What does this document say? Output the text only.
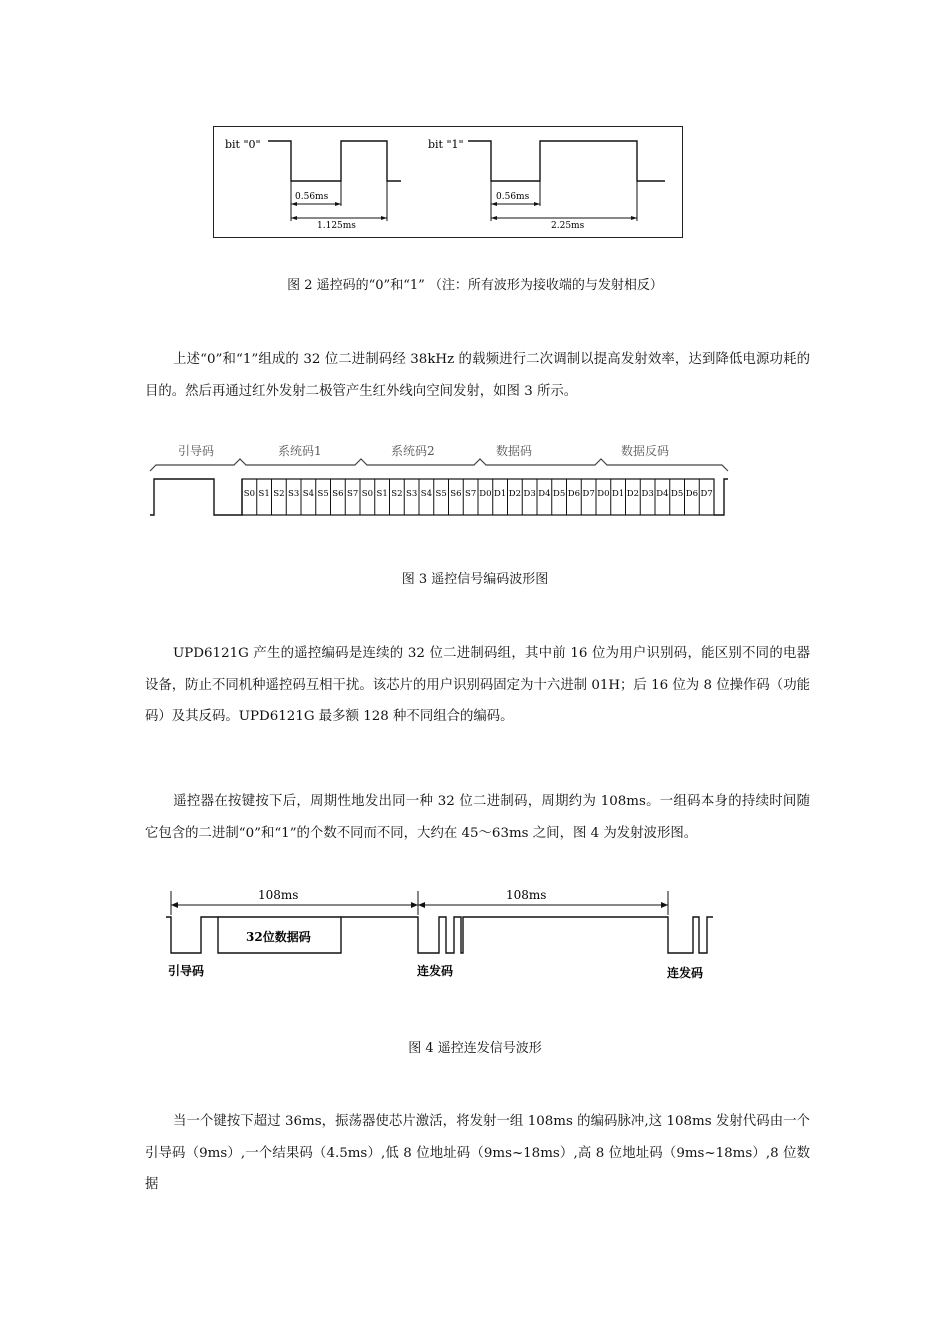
bit "0"
0.56ms
1.125ms
bit "1"
0.56ms
2.25ms
图 2 遥控码的“0”和“1” （注：所有波形为接收端的与发射相反）

上述“0”和“1”组成的 32 位二进制码经 38kHz 的载频进行二次调制以提高发射效率，达到降低电源功耗的目的。然后再通过红外发射二极管产生红外线向空间发射，如图 3 所示。

引导码	系统码1	系统码2	数据码	数据反码
S0 S1 S2 S3 S4 S5 S6 S7 S0 S1 S2 S3 S4 S5 S6 S7 D0 D1 D2 D3 D4 D5 D6 D7 D0 D1 D2 D3 D4 D5 D6 D7
图 3 遥控信号编码波形图

UPD6121G 产生的遥控编码是连续的 32 位二进制码组，其中前 16 位为用户识别码，能区别不同的电器设备，防止不同机种遥控码互相干扰。该芯片的用户识别码固定为十六进制 01H；后 16 位为 8 位操作码（功能码）及其反码。UPD6121G 最多额 128 种不同组合的编码。

遥控器在按键按下后，周期性地发出同一种 32 位二进制码，周期约为 108ms。一组码本身的持续时间随它包含的二进制“0”和“1”的个数不同而不同，大约在 45～63ms 之间，图 4 为发射波形图。

108ms	108ms
32位数据码
引导码	连发码	连发码
图 4 遥控连发信号波形

当一个键按下超过 36ms，振荡器使芯片激活，将发射一组 108ms 的编码脉冲,这 108ms 发射代码由一个引导码（9ms）,一个结果码（4.5ms）,低 8 位地址码（9ms~18ms）,高 8 位地址码（9ms~18ms）,8 位数据
